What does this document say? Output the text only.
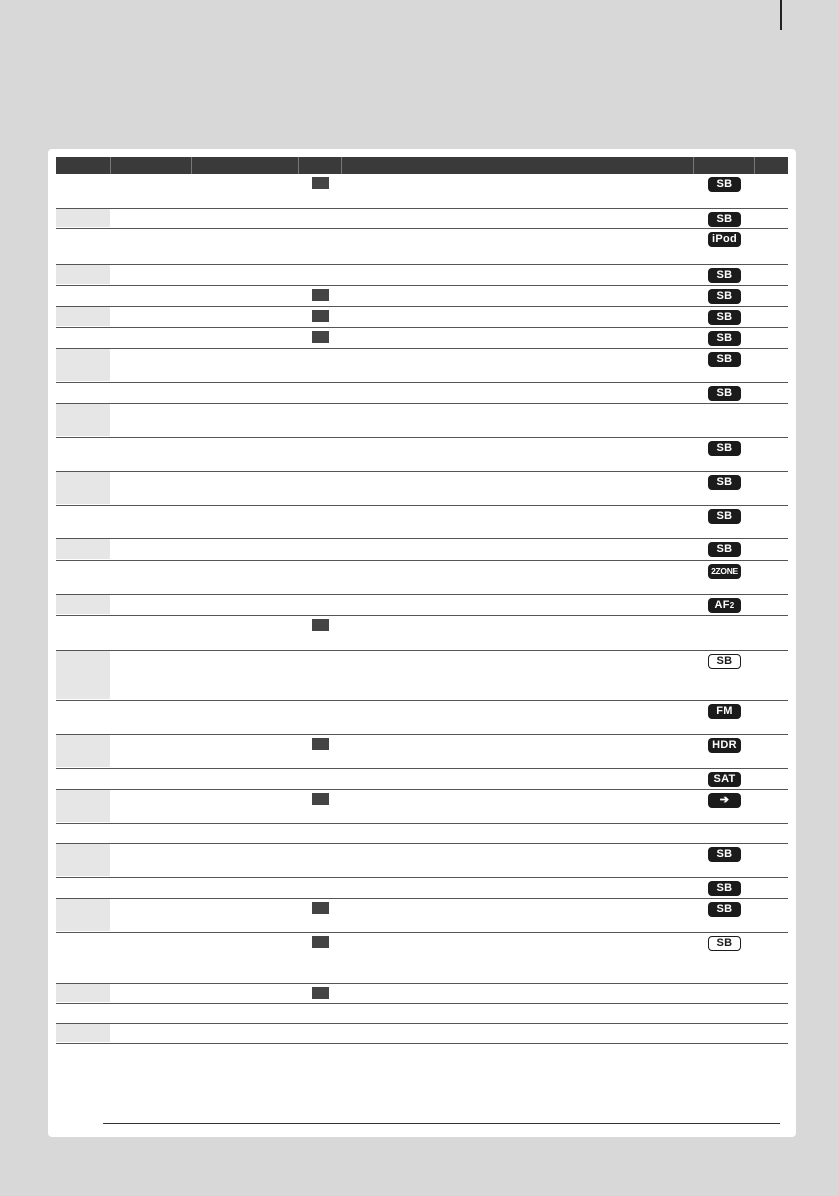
SB
SB
iPod
SB
SB
SB
SB
SB
SB
SB
SB
SB
SB
2ZONE
AF2
SB
FM
HDR
SAT
➔
SB
SB
SB
SB
